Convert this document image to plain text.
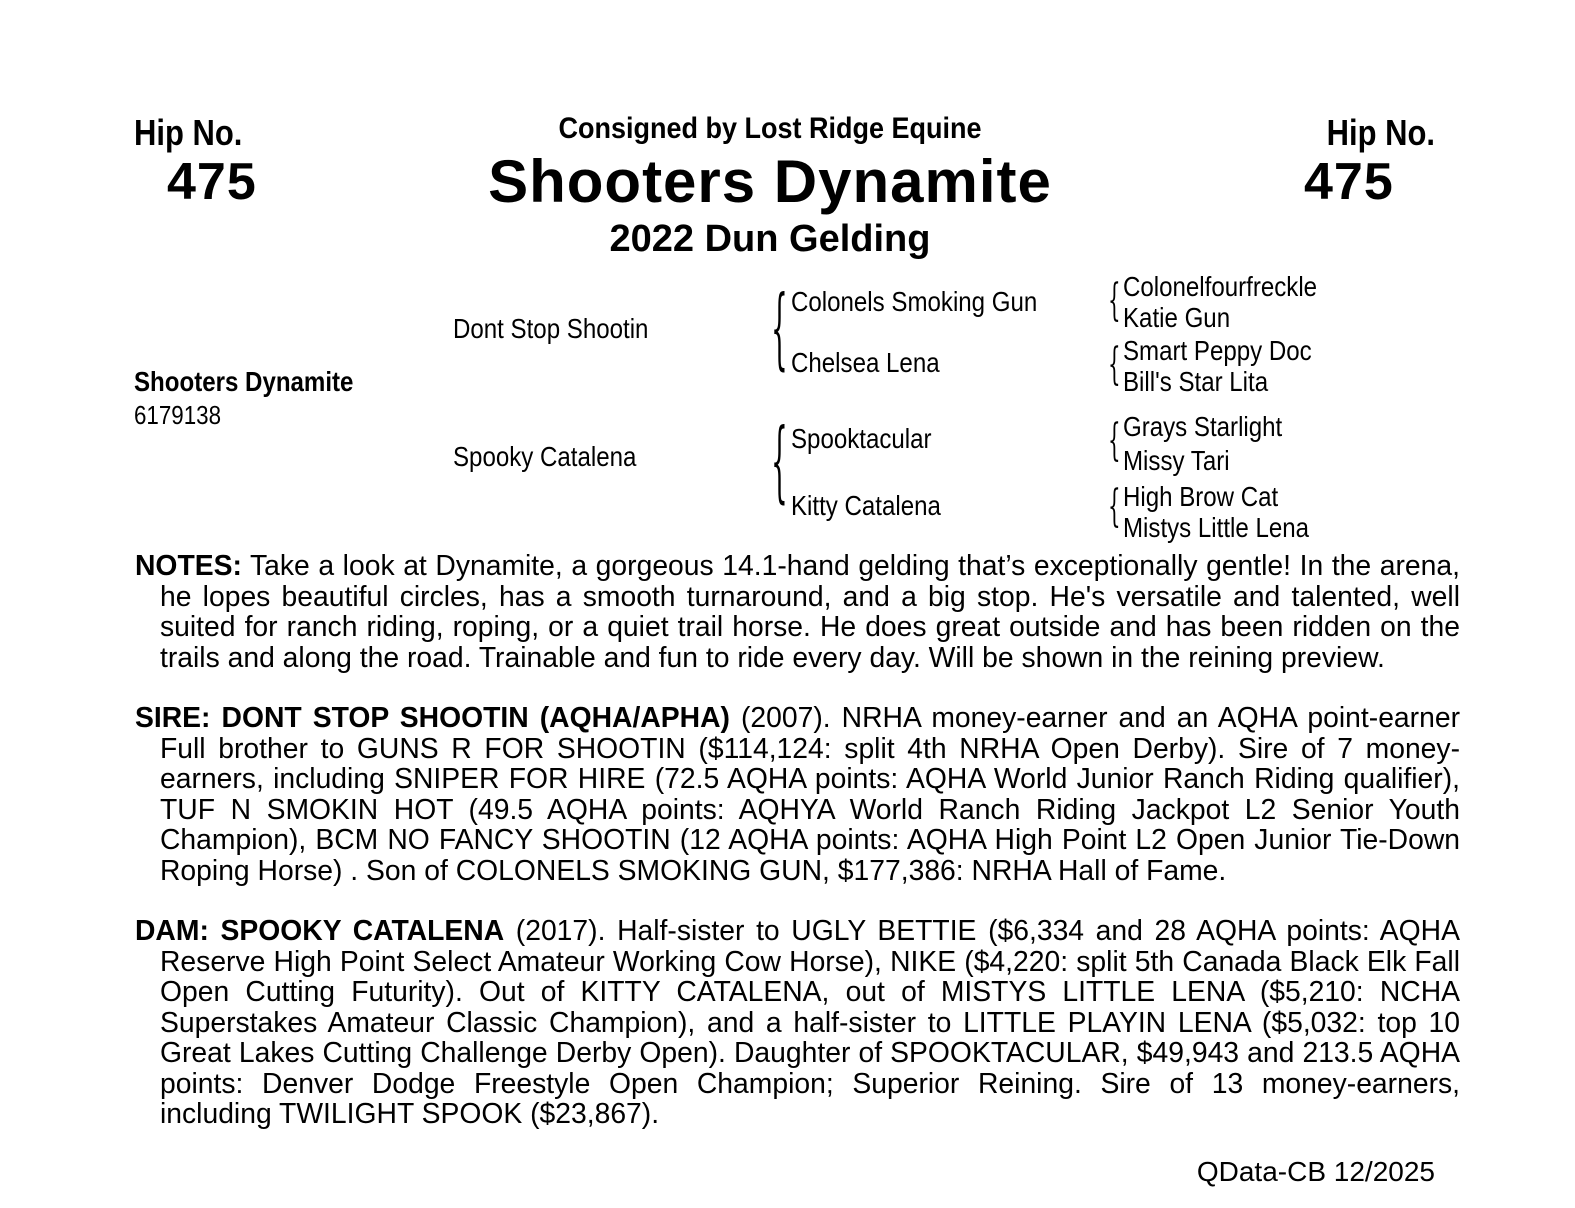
Hip No.
475
Hip No.
475
Consigned by Lost Ridge Equine
Shooters Dynamite
2022 Dun Gelding
Shooters Dynamite
6179138
Dont Stop Shootin
Spooky Catalena
{
{
Colonels Smoking Gun
Chelsea Lena
Spooktacular
Kitty Catalena
{
{
{
{
Colonelfourfreckle
Katie Gun
Smart Peppy Doc
Bill's Star Lita
Grays Starlight
Missy Tari
High Brow Cat
Mistys Little Lena

NOTES: Take a look at Dynamite, a gorgeous 14.1-hand gelding that’s exceptionally gentle! In the arena, he lopes beautiful circles, has a smooth turnaround, and a big stop. He's versatile and talented, well suited for ranch riding, roping, or a quiet trail horse. He does great outside and has been ridden on the trails and along the road. Trainable and fun to ride every day. Will be shown in the reining preview.

SIRE: DONT STOP SHOOTIN (AQHA/APHA) (2007). NRHA money-earner and an AQHA point-earner Full brother to GUNS R FOR SHOOTIN ($114,124: split 4th NRHA Open Derby). Sire of 7 money-earners, including SNIPER FOR HIRE (72.5 AQHA points: AQHA World Junior Ranch Riding qualifier), TUF N SMOKIN HOT (49.5 AQHA points: AQHYA World Ranch Riding Jackpot L2 Senior Youth Champion), BCM NO FANCY SHOOTIN (12 AQHA points: AQHA High Point L2 Open Junior Tie-Down Roping Horse) . Son of COLONELS SMOKING GUN, $177,386: NRHA Hall of Fame.

DAM: SPOOKY CATALENA (2017). Half-sister to UGLY BETTIE ($6,334 and 28 AQHA points: AQHA Reserve High Point Select Amateur Working Cow Horse), NIKE ($4,220: split 5th Canada Black Elk Fall Open Cutting Futurity). Out of KITTY CATALENA, out of MISTYS LITTLE LENA ($5,210: NCHA Superstakes Amateur Classic Champion), and a half-sister to LITTLE PLAYIN LENA ($5,032: top 10 Great Lakes Cutting Challenge Derby Open). Daughter of SPOOKTACULAR, $49,943 and 213.5 AQHA points: Denver Dodge Freestyle Open Champion; Superior Reining. Sire of 13 money-earners, including TWILIGHT SPOOK ($23,867).

QData-CB 12/2025
